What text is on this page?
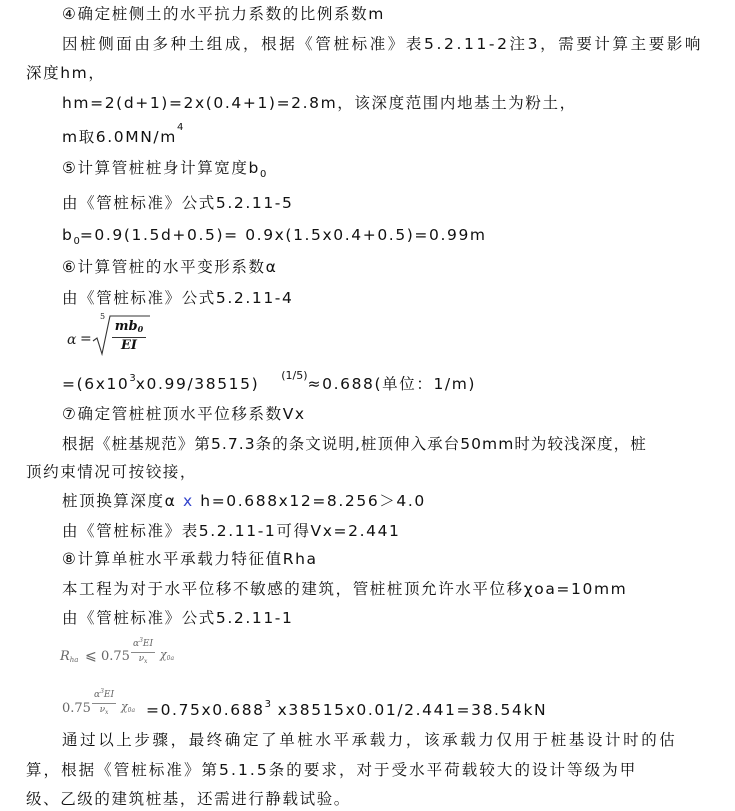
④确定桩侧土的水平抗力系数的比例系数m
因桩侧面由多种土组成，根据《管桩标准》表5.2.11-2注3，需要计算主要影响
深度hm，
hm=2(d+1)=2x(0.4+1)=2.8m，该深度范围内地基土为粉土，
m取$6.0MN/m^4$
⑤计算管桩桩身计算宽度$b_0$
由《管桩标准》公式5.2.11-5
$b_0=0.9(1.5d+0.5)= 0.9x(1.5x0.4+0.5)=0.99m$
⑥计算管桩的水平变形系数α
由《管桩标准》公式5.2.11-4
α =
5
$mb_0$
EI
$=(6x10^3x0.99/38515)$ $^{(1/5)}$≈0.688(单位：1/m)
⑦确定管桩桩顶水平位移系数Vx
根据《桩基规范》第5.7.3条的条文说明,桩顶伸入承台50mm时为较浅深度，桩
顶约束情况可按铰接，
桩顶换算深度α x h=0.688x12=8.256＞4.0
由《管桩标准》表5.2.11-1可得Vx=2.441
⑧计算单桩水平承载力特征值Rha
本工程为对于水平位移不敏感的建筑，管桩桩顶允许水平位移χoa=10mm
由《管桩标准》公式5.2.11-1
$R_{ha}$ ⩽ 0.75
$\alpha^3EI$
$\nu_x$
$\chi_{0a}$
0.75
$\alpha^3EI$
$\nu_x$	$\chi_{0a} =0.75x0.688^3$ x38515x0.01/2.441=38.54kN
通过以上步骤，最终确定了单桩水平承载力，该承载力仅用于桩基设计时的估
算，根据《管桩标准》第5.1.5条的要求，对于受水平荷载较大的设计等级为甲
级、乙级的建筑桩基，还需进行静载试验。
